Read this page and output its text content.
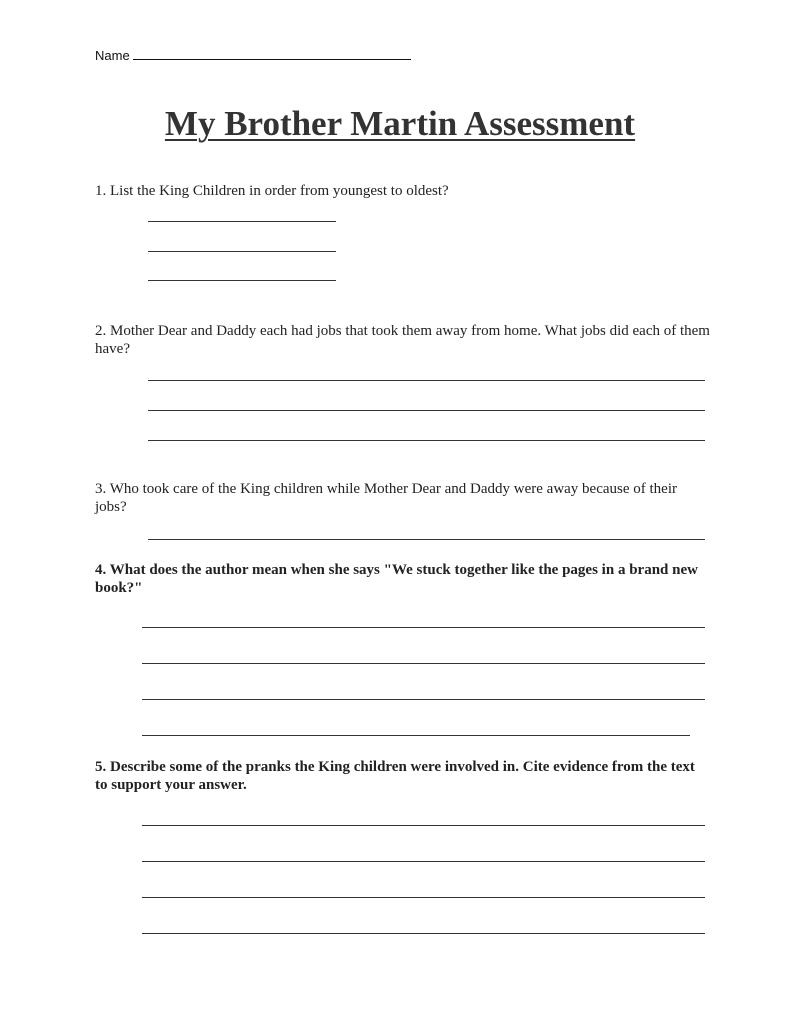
Name
My Brother Martin Assessment
1. List the King Children in order from youngest to oldest?
2. Mother Dear and Daddy each had jobs that took them away from home. What jobs did each of them have?
3. Who took care of the King children while Mother Dear and Daddy were away because of their jobs?
4. What does the author mean when she says "We stuck together like the pages in a brand new book?"
5. Describe some of the pranks the King children were involved in. Cite evidence from the text to support your answer.
